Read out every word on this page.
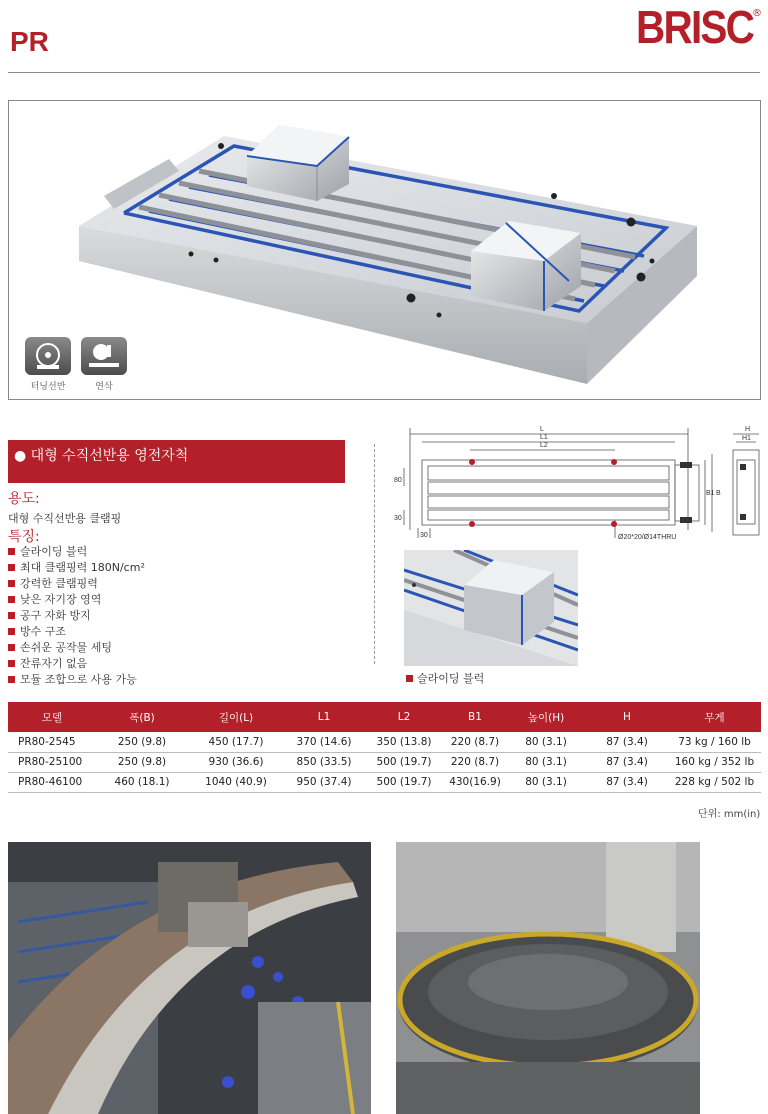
PR	BRISC
®
터닝선반	연삭
● 대형 수직선반용 영전자척
용도:
대형 수직선반용 클램핑
특징:
슬라이딩 블럭
최대 클램핑력 180N/cm²
강력한 클램핑력
낮은 자기장 영역
공구 자화 방지
방수 구조
손쉬운 공작물 세팅
잔류자기 없음
모듈 조합으로 사용 가능
L
L1
L2
H
H1
B
B1
80
30
30	Ø20*20/Ø14THRU
슬라이딩 블럭
모델	폭(B)	길이(L)	L1	L2	B1	높이(H)	H	무게
PR80-2545	250 (9.8)	450 (17.7)	370 (14.6)	350 (13.8)	220 (8.7)	80 (3.1)	87 (3.4)	73 kg / 160 lb
PR80-25100	250 (9.8)	930 (36.6)	850 (33.5)	500 (19.7)	220 (8.7)	80 (3.1)	87 (3.4)	160 kg / 352 lb
PR80-46100	460 (18.1)	1040 (40.9)	950 (37.4)	500 (19.7)	430(16.9)	80 (3.1)	87 (3.4)	228 kg / 502 lb
단위: mm(in)
